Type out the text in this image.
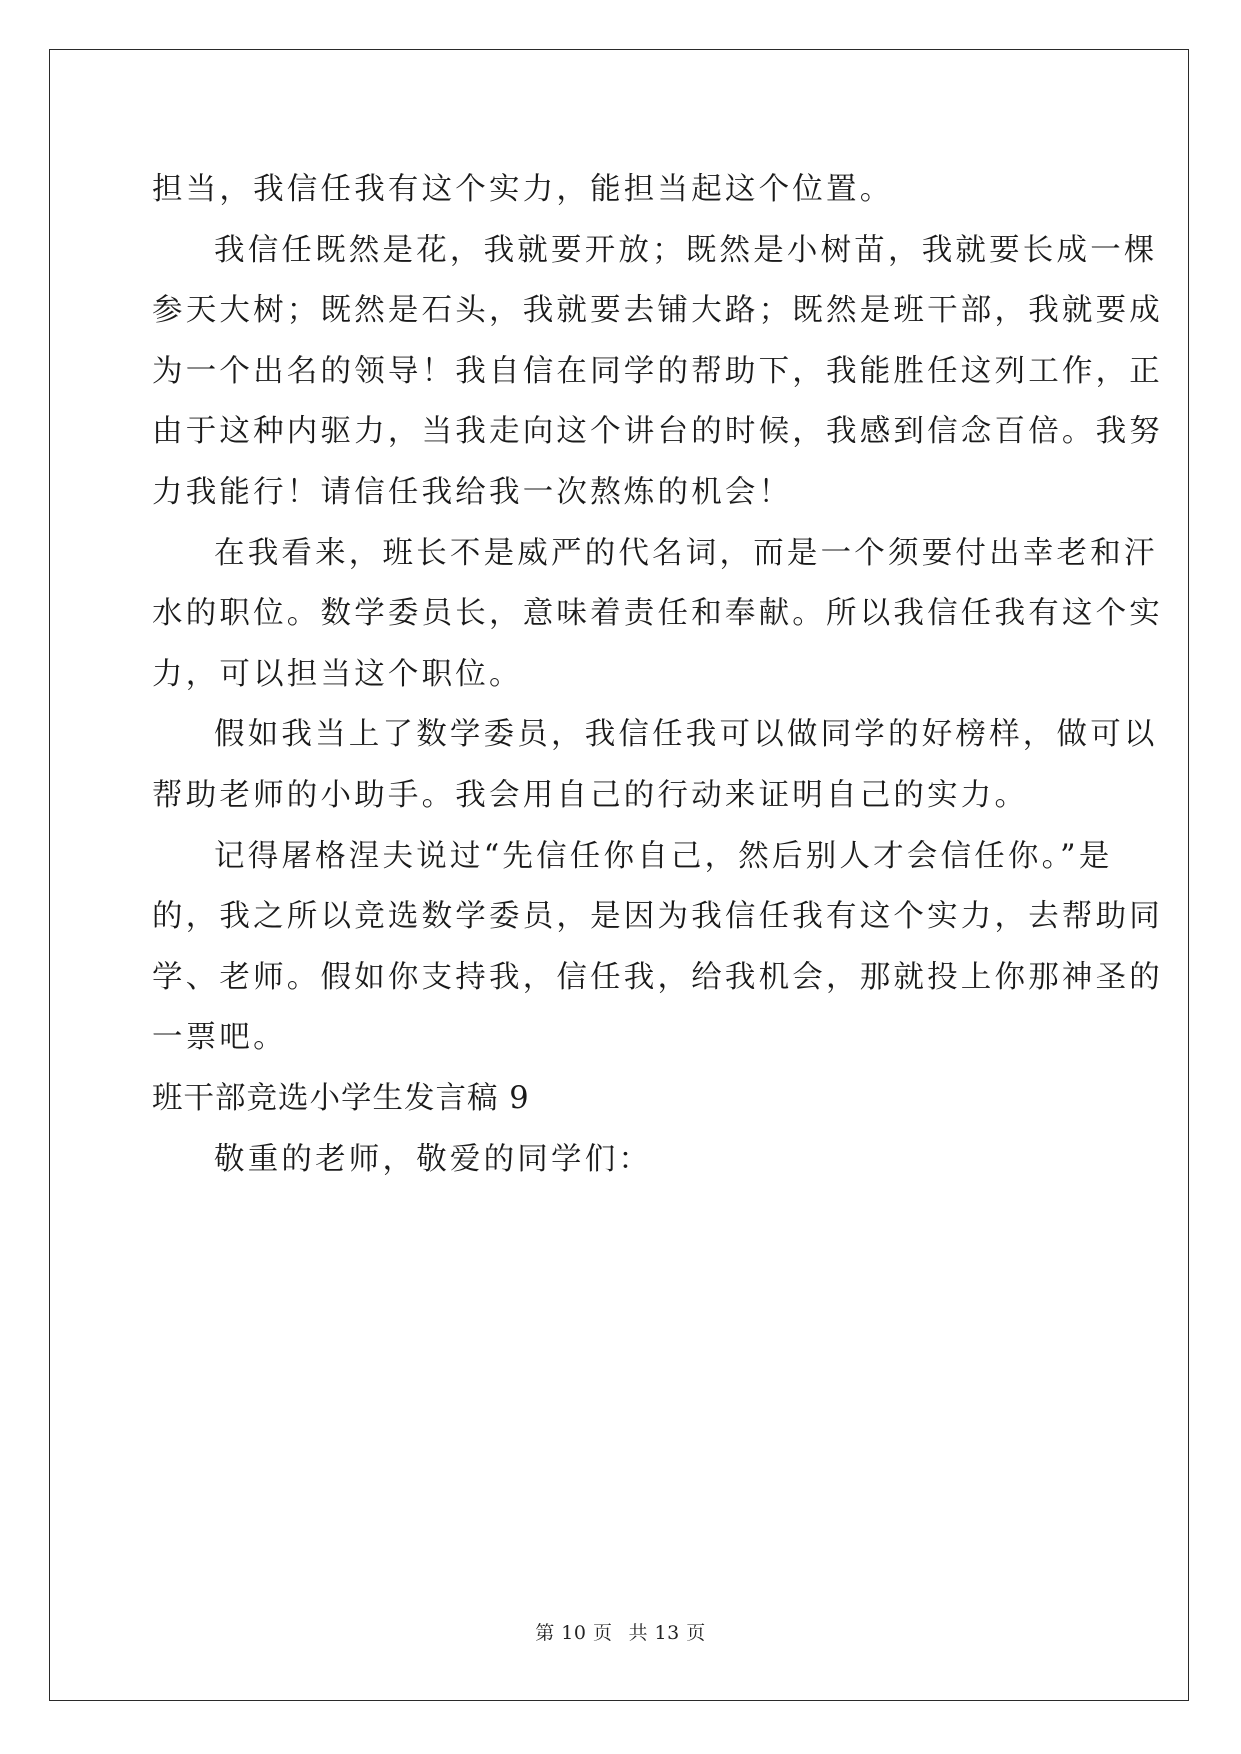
担当，我信任我有这个实力，能担当起这个位置。
我信任既然是花，我就要开放；既然是小树苗，我就要长成一棵
参天大树；既然是石头，我就要去铺大路；既然是班干部，我就要成
为一个出名的领导！我自信在同学的帮助下，我能胜任这列工作，正
由于这种内驱力，当我走向这个讲台的时候，我感到信念百倍。我努
力我能行！请信任我给我一次熬炼的机会！
在我看来，班长不是威严的代名词，而是一个须要付出幸老和汗
水的职位。数学委员长，意味着责任和奉献。所以我信任我有这个实
力，可以担当这个职位。
假如我当上了数学委员，我信任我可以做同学的好榜样，做可以
帮助老师的小助手。我会用自己的行动来证明自己的实力。
记得屠格涅夫说过“先信任你自己，然后别人才会信任你。”是
的，我之所以竞选数学委员，是因为我信任我有这个实力，去帮助同
学、老师。假如你支持我，信任我，给我机会，那就投上你那神圣的
一票吧。
班干部竞选小学生发言稿 9
敬重的老师，敬爱的同学们：
第 10 页 共 13 页
